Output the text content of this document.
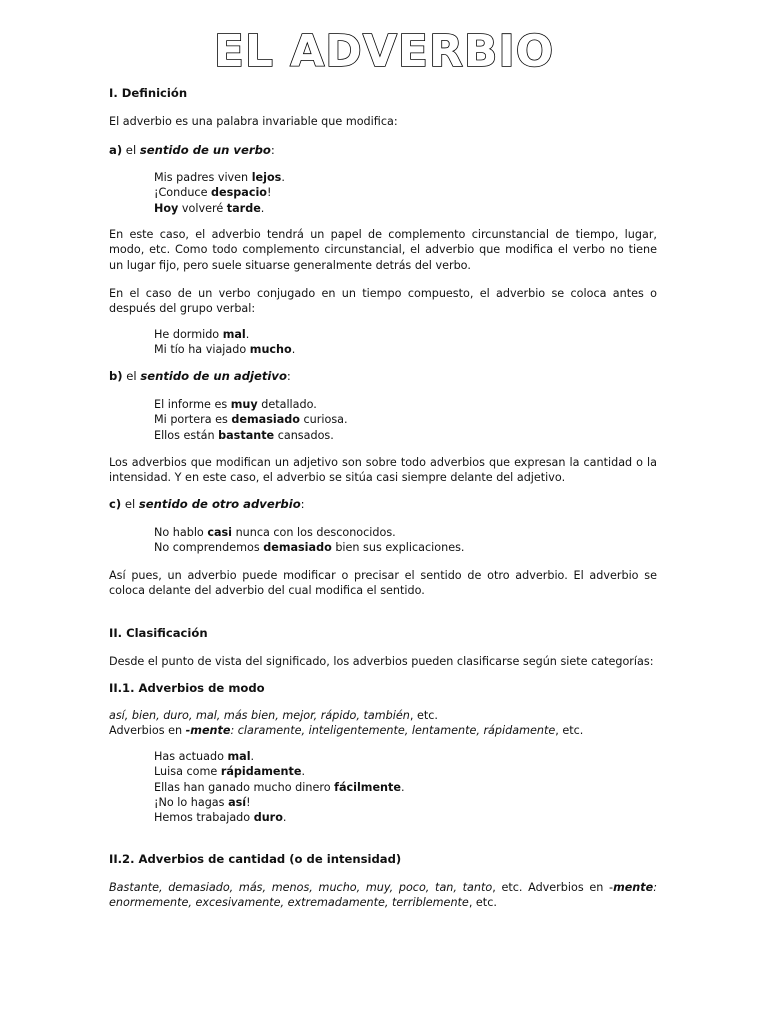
EL ADVERBIO
I. Definición
El adverbio es una palabra invariable que modifica:
a) el sentido de un verbo:
Mis padres viven lejos.
¡Conduce despacio!
Hoy volveré tarde.
En este caso, el adverbio tendrá un papel de complemento circunstancial de tiempo, lugar, modo, etc. Como todo complemento circunstancial, el adverbio que modifica el verbo no tiene un lugar fijo, pero suele situarse generalmente detrás del verbo.
En el caso de un verbo conjugado en un tiempo compuesto, el adverbio se coloca antes o después del grupo verbal:
He dormido mal.
Mi tío ha viajado mucho.
b) el sentido de un adjetivo:
El informe es muy detallado.
Mi portera es demasiado curiosa.
Ellos están bastante cansados.
Los adverbios que modifican un adjetivo son sobre todo adverbios que expresan la cantidad o la intensidad. Y en este caso, el adverbio se sitúa casi siempre delante del adjetivo.
c) el sentido de otro adverbio:
No hablo casi nunca con los desconocidos.
No comprendemos demasiado bien sus explicaciones.
Así pues, un adverbio puede modificar o precisar el sentido de otro adverbio. El adverbio se coloca delante del adverbio del cual modifica el sentido.
II. Clasificación
Desde el punto de vista del significado, los adverbios pueden clasificarse según siete categorías:
II.1. Adverbios de modo
así, bien, duro, mal, más bien, mejor, rápido, también, etc.
Adverbios en -mente: claramente, inteligentemente, lentamente, rápidamente, etc.
Has actuado mal.
Luisa come rápidamente.
Ellas han ganado mucho dinero fácilmente.
¡No lo hagas así!
Hemos trabajado duro.
II.2. Adverbios de cantidad (o de intensidad)
Bastante, demasiado, más, menos, mucho, muy, poco, tan, tanto, etc. Adverbios en -mente: enormemente, excesivamente, extremadamente, terriblemente, etc.
